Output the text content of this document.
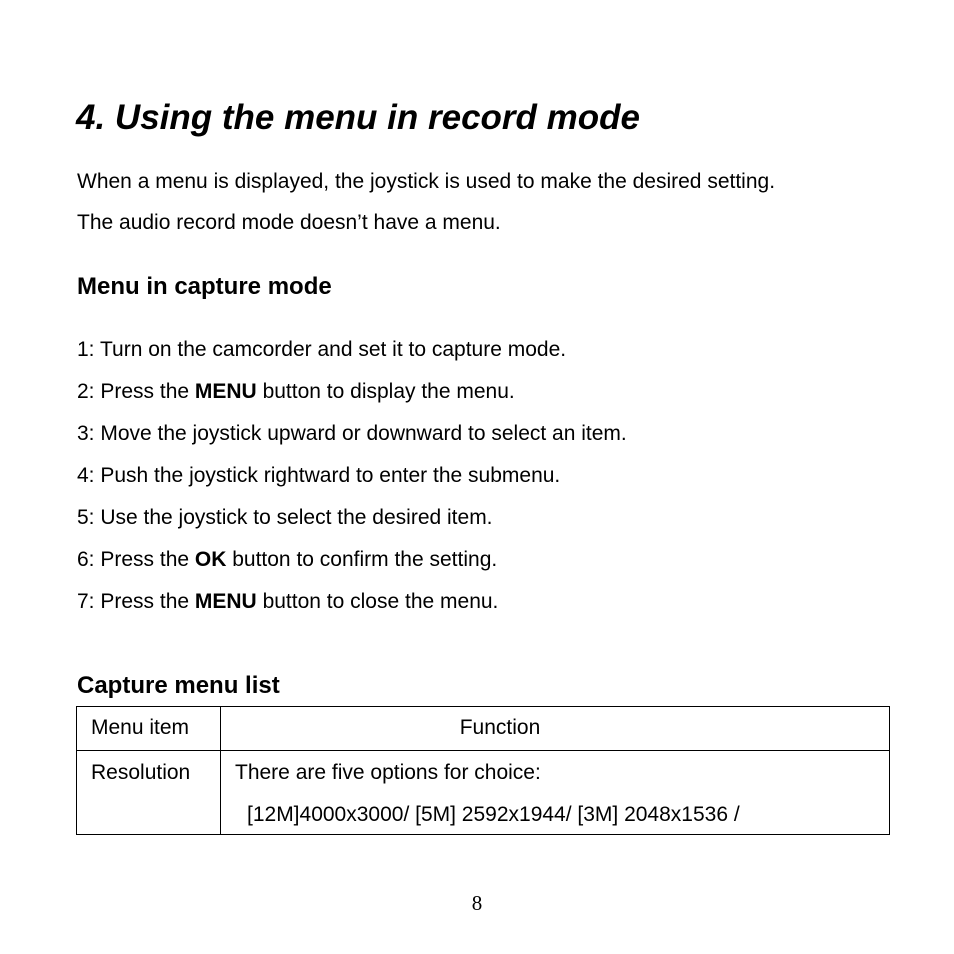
4. Using the menu in record mode

When a menu is displayed, the joystick is used to make the desired setting.

The audio record mode doesn’t have a menu.

Menu in capture mode

1: Turn on the camcorder and set it to capture mode.

2: Press the MENU button to display the menu.

3: Move the joystick upward or downward to select an item.

4: Push the joystick rightward to enter the submenu.

5: Use the joystick to select the desired item.

6: Press the OK button to confirm the setting.

7: Press the MENU button to close the menu.

Capture menu list
Menu item	Function

Resolution	There are five options for choice:
[12M]4000x3000/ [5M] 2592x1944/ [3M] 2048x1536 /

8
